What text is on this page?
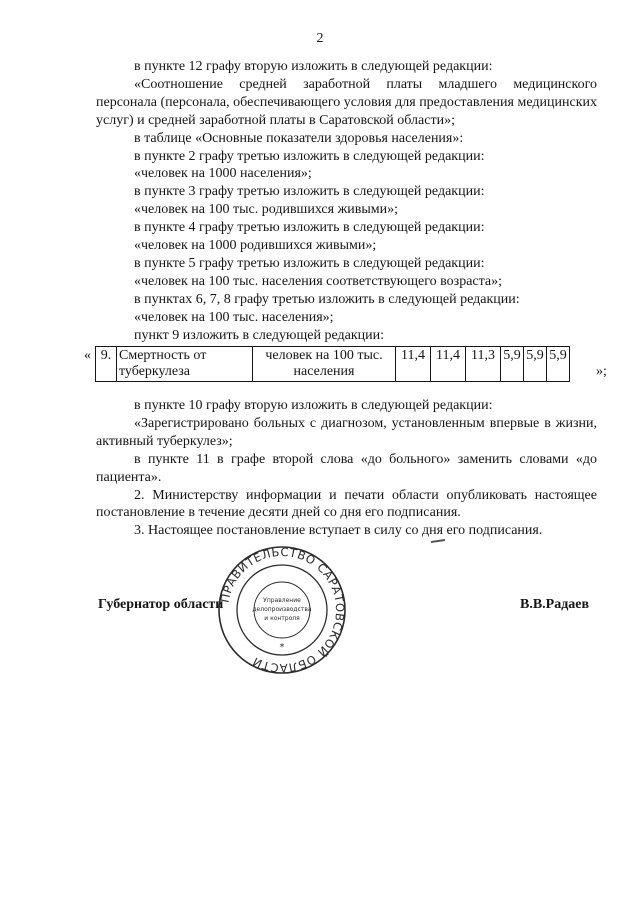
2

в пункте 12 графу вторую изложить в следующей редакции:

«Соотношение средней заработной платы младшего медицинского персонала (персонала, обеспечивающего условия для предоставления медицинских услуг) и средней заработной платы в Саратовской области»;

в таблице «Основные показатели здоровья населения»:

в пункте 2 графу третью изложить в следующей редакции:

«человек на 1000 населения»;

в пункте 3 графу третью изложить в следующей редакции:

«человек на 100 тыс. родившихся живыми»;

в пункте 4 графу третью изложить в следующей редакции:

«человек на 1000 родившихся живыми»;

в пункте 5 графу третью изложить в следующей редакции:

«человек на 100 тыс. населения соответствующего возраста»;

в пунктах 6, 7, 8 графу третью изложить в следующей редакции:

«человек на 100 тыс. населения»;

пункт 9 изложить в следующей редакции:

« 9.	Смертность от туберкулеза	человек на 100 тыс. населения	11,4	11,4	11,3	5,9	5,9	5,9
»;

в пункте 10 графу вторую изложить в следующей редакции:

«Зарегистрировано больных с диагнозом, установленным впервые в жизни, активный туберкулез»;

в пункте 11 в графе второй слова «до больного» заменить словами «до пациента».

2. Министерству информации и печати области опубликовать настоящее постановление в течение десяти дней со дня его подписания.

3. Настоящее постановление вступает в силу со дня его подписания.

Губернатор области
ПРАВИТЕЛЬСТВО САРАТОВСКОЙ ОБЛАСТИ
Управление
делопроизводства
и контроля
*
В.В.Радаев
